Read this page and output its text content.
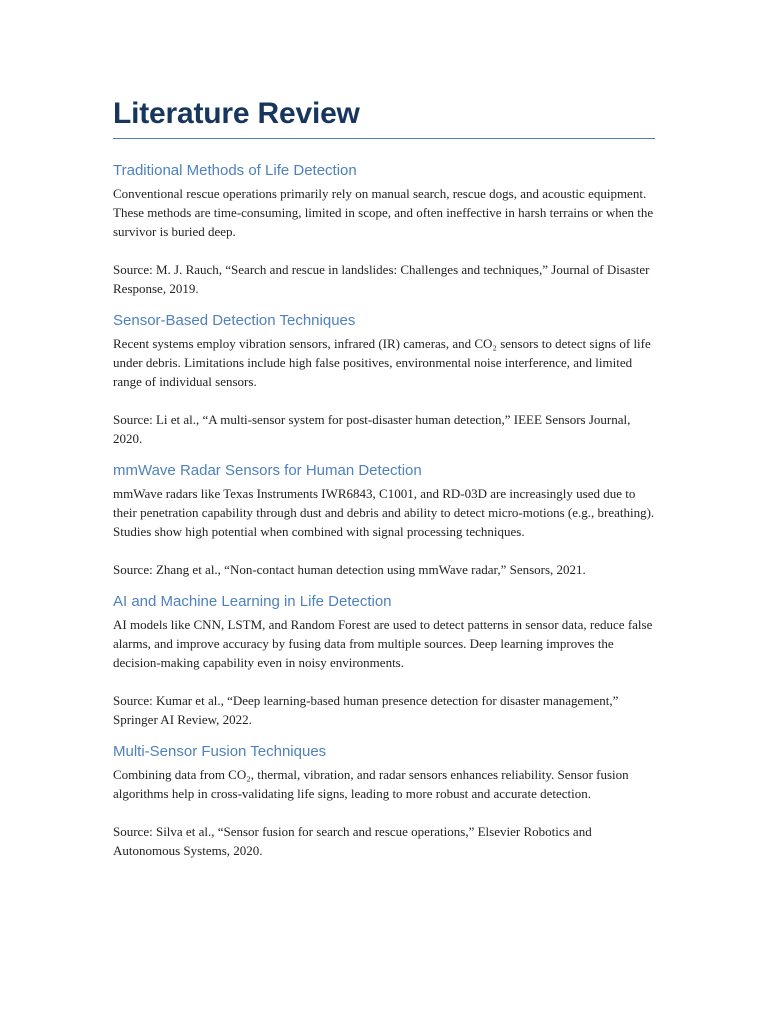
Literature Review
Traditional Methods of Life Detection

Conventional rescue operations primarily rely on manual search, rescue dogs, and acoustic equipment. These methods are time-consuming, limited in scope, and often ineffective in harsh terrains or when the survivor is buried deep.

Source: M. J. Rauch, “Search and rescue in landslides: Challenges and techniques,” Journal of Disaster Response, 2019.

Sensor-Based Detection Techniques

Recent systems employ vibration sensors, infrared (IR) cameras, and CO₂ sensors to detect signs of life under debris. Limitations include high false positives, environmental noise interference, and limited range of individual sensors.

Source: Li et al., “A multi-sensor system for post-disaster human detection,” IEEE Sensors Journal, 2020.

mmWave Radar Sensors for Human Detection

mmWave radars like Texas Instruments IWR6843, C1001, and RD-03D are increasingly used due to their penetration capability through dust and debris and ability to detect micro-motions (e.g., breathing). Studies show high potential when combined with signal processing techniques.

Source: Zhang et al., “Non-contact human detection using mmWave radar,” Sensors, 2021.

AI and Machine Learning in Life Detection

AI models like CNN, LSTM, and Random Forest are used to detect patterns in sensor data, reduce false alarms, and improve accuracy by fusing data from multiple sources. Deep learning improves the decision-making capability even in noisy environments.

Source: Kumar et al., “Deep learning-based human presence detection for disaster management,” Springer AI Review, 2022.

Multi-Sensor Fusion Techniques

Combining data from CO₂, thermal, vibration, and radar sensors enhances reliability. Sensor fusion algorithms help in cross-validating life signs, leading to more robust and accurate detection.

Source: Silva et al., “Sensor fusion for search and rescue operations,” Elsevier Robotics and Autonomous Systems, 2020.
